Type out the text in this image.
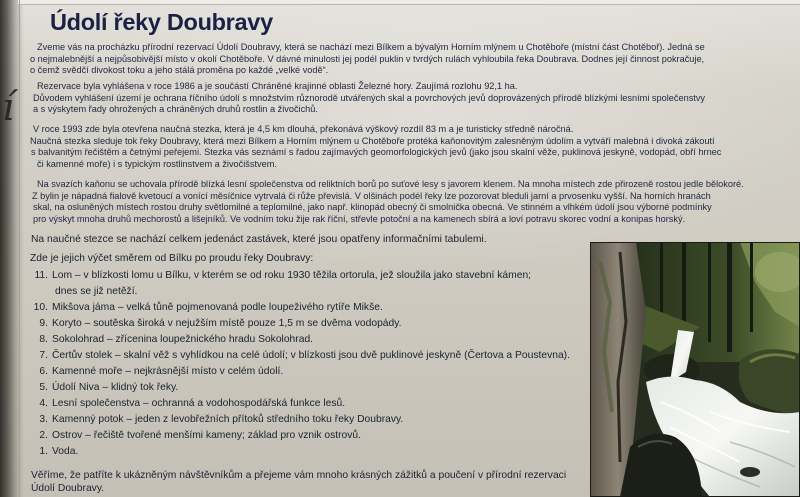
í
Údolí řeky Doubravy
Zveme vás na procházku přírodní rezervací Údolí Doubravy, která se nachází mezi Bílkem a bývalým Horním mlýnem u Chotěboře (místní část Chotěboř). Jedná se
o nejmalebnější a nejpůsobivější místo v okolí Chotěboře. V dávné minulosti jej podél puklin v tvrdých rulách vyhloubila řeka Doubrava. Dodnes její činnost pokračuje,
o čemž svědčí divokost toku a jeho stálá proměna po každé „velké vodě“.
Rezervace byla vyhlášena v roce 1986 a je součástí Chráněné krajinné oblasti Železné hory. Zaujímá rozlohu 92,1 ha.
Důvodem vyhlášení území je ochrana říčního údolí s množstvím různorodě utvářených skal a povrchových jevů doprovázených přírodě blízkými lesními společenstvy
a s výskytem řady ohrožených a chráněných druhů rostlin a živočichů.
V roce 1993 zde byla otevřena naučná stezka, která je 4,5 km dlouhá, překonává výškový rozdíl 83 m a je turisticky středně náročná.
Naučná stezka sleduje tok řeky Doubravy, která mezi Bílkem a Horním mlýnem u Chotěboře protéká kaňonovitým zalesněným údolím a vytváří malebná i divoká zákoutí
s balvanitým řečištěm a četnými peřejemi. Stezka vás seznámí s řadou zajímavých geomorfologických jevů (jako jsou skalní věže, puklinová jeskyně, vodopád, obří hrnec
či kamenné moře) i s typickým rostlinstvem a živočišstvem.
Na svazích kaňonu se uchovala přírodě blízká lesní společenstva od reliktních borů po suťové lesy s javorem klenem. Na mnoha místech zde přirozeně rostou jedle bělokoré.
Z bylin je nápadná fialově kvetoucí a vonící měsíčnice vytrvalá či růže převislá. V olšinách podél řeky lze pozorovat bleduli jarní a prvosenku vyšší. Na horních hranách
skal, na osluněných místech rostou druhy světlomilné a teplomilné, jako např. klinopád obecný či smolnička obecná. Ve stinném a vlhkém údolí jsou výborné podmínky
pro výskyt mnoha druhů mechorostů a lišejníků. Ve vodním toku žije rak říční, střevle potoční a na kamenech sbírá a loví potravu skorec vodní a konipas horský.
Na naučné stezce se nachází celkem jedenáct zastávek, které jsou opatřeny informačními tabulemi.
Zde je jejich výčet směrem od Bílku po proudu řeky Doubravy:
11. Lom – v blízkosti lomu u Bílku, v kterém se od roku 1930 těžila ortorula, jež sloužila jako stavební kámen;
dnes se již netěží.
10. Mikšova jáma – velká tůně pojmenovaná podle loupeživého rytíře Mikše.
9. Koryto – soutěska široká v nejužším místě pouze 1,5 m se dvěma vodopády.
8. Sokolohrad – zřícenina loupežnického hradu Sokolohrad.
7. Čertův stolek – skalní věž s vyhlídkou na celé údolí; v blízkosti jsou dvě puklinové jeskyně (Čertova a Poustevna).
6. Kamenné moře – nejkrásnější místo v celém údolí.
5. Údolí Niva – klidný tok řeky.
4. Lesní společenstva – ochranná a vodohospodářská funkce lesů.
3. Kamenný potok – jeden z levobřežních přítoků středního toku řeky Doubravy.
2. Ostrov – řečiště tvořené menšími kameny; základ pro vznik ostrovů.
1. Voda.
Věříme, že patříte k ukázněným návštěvníkům a přejeme vám mnoho krásných zážitků a poučení v přírodní rezervaci
Údolí Doubravy.
